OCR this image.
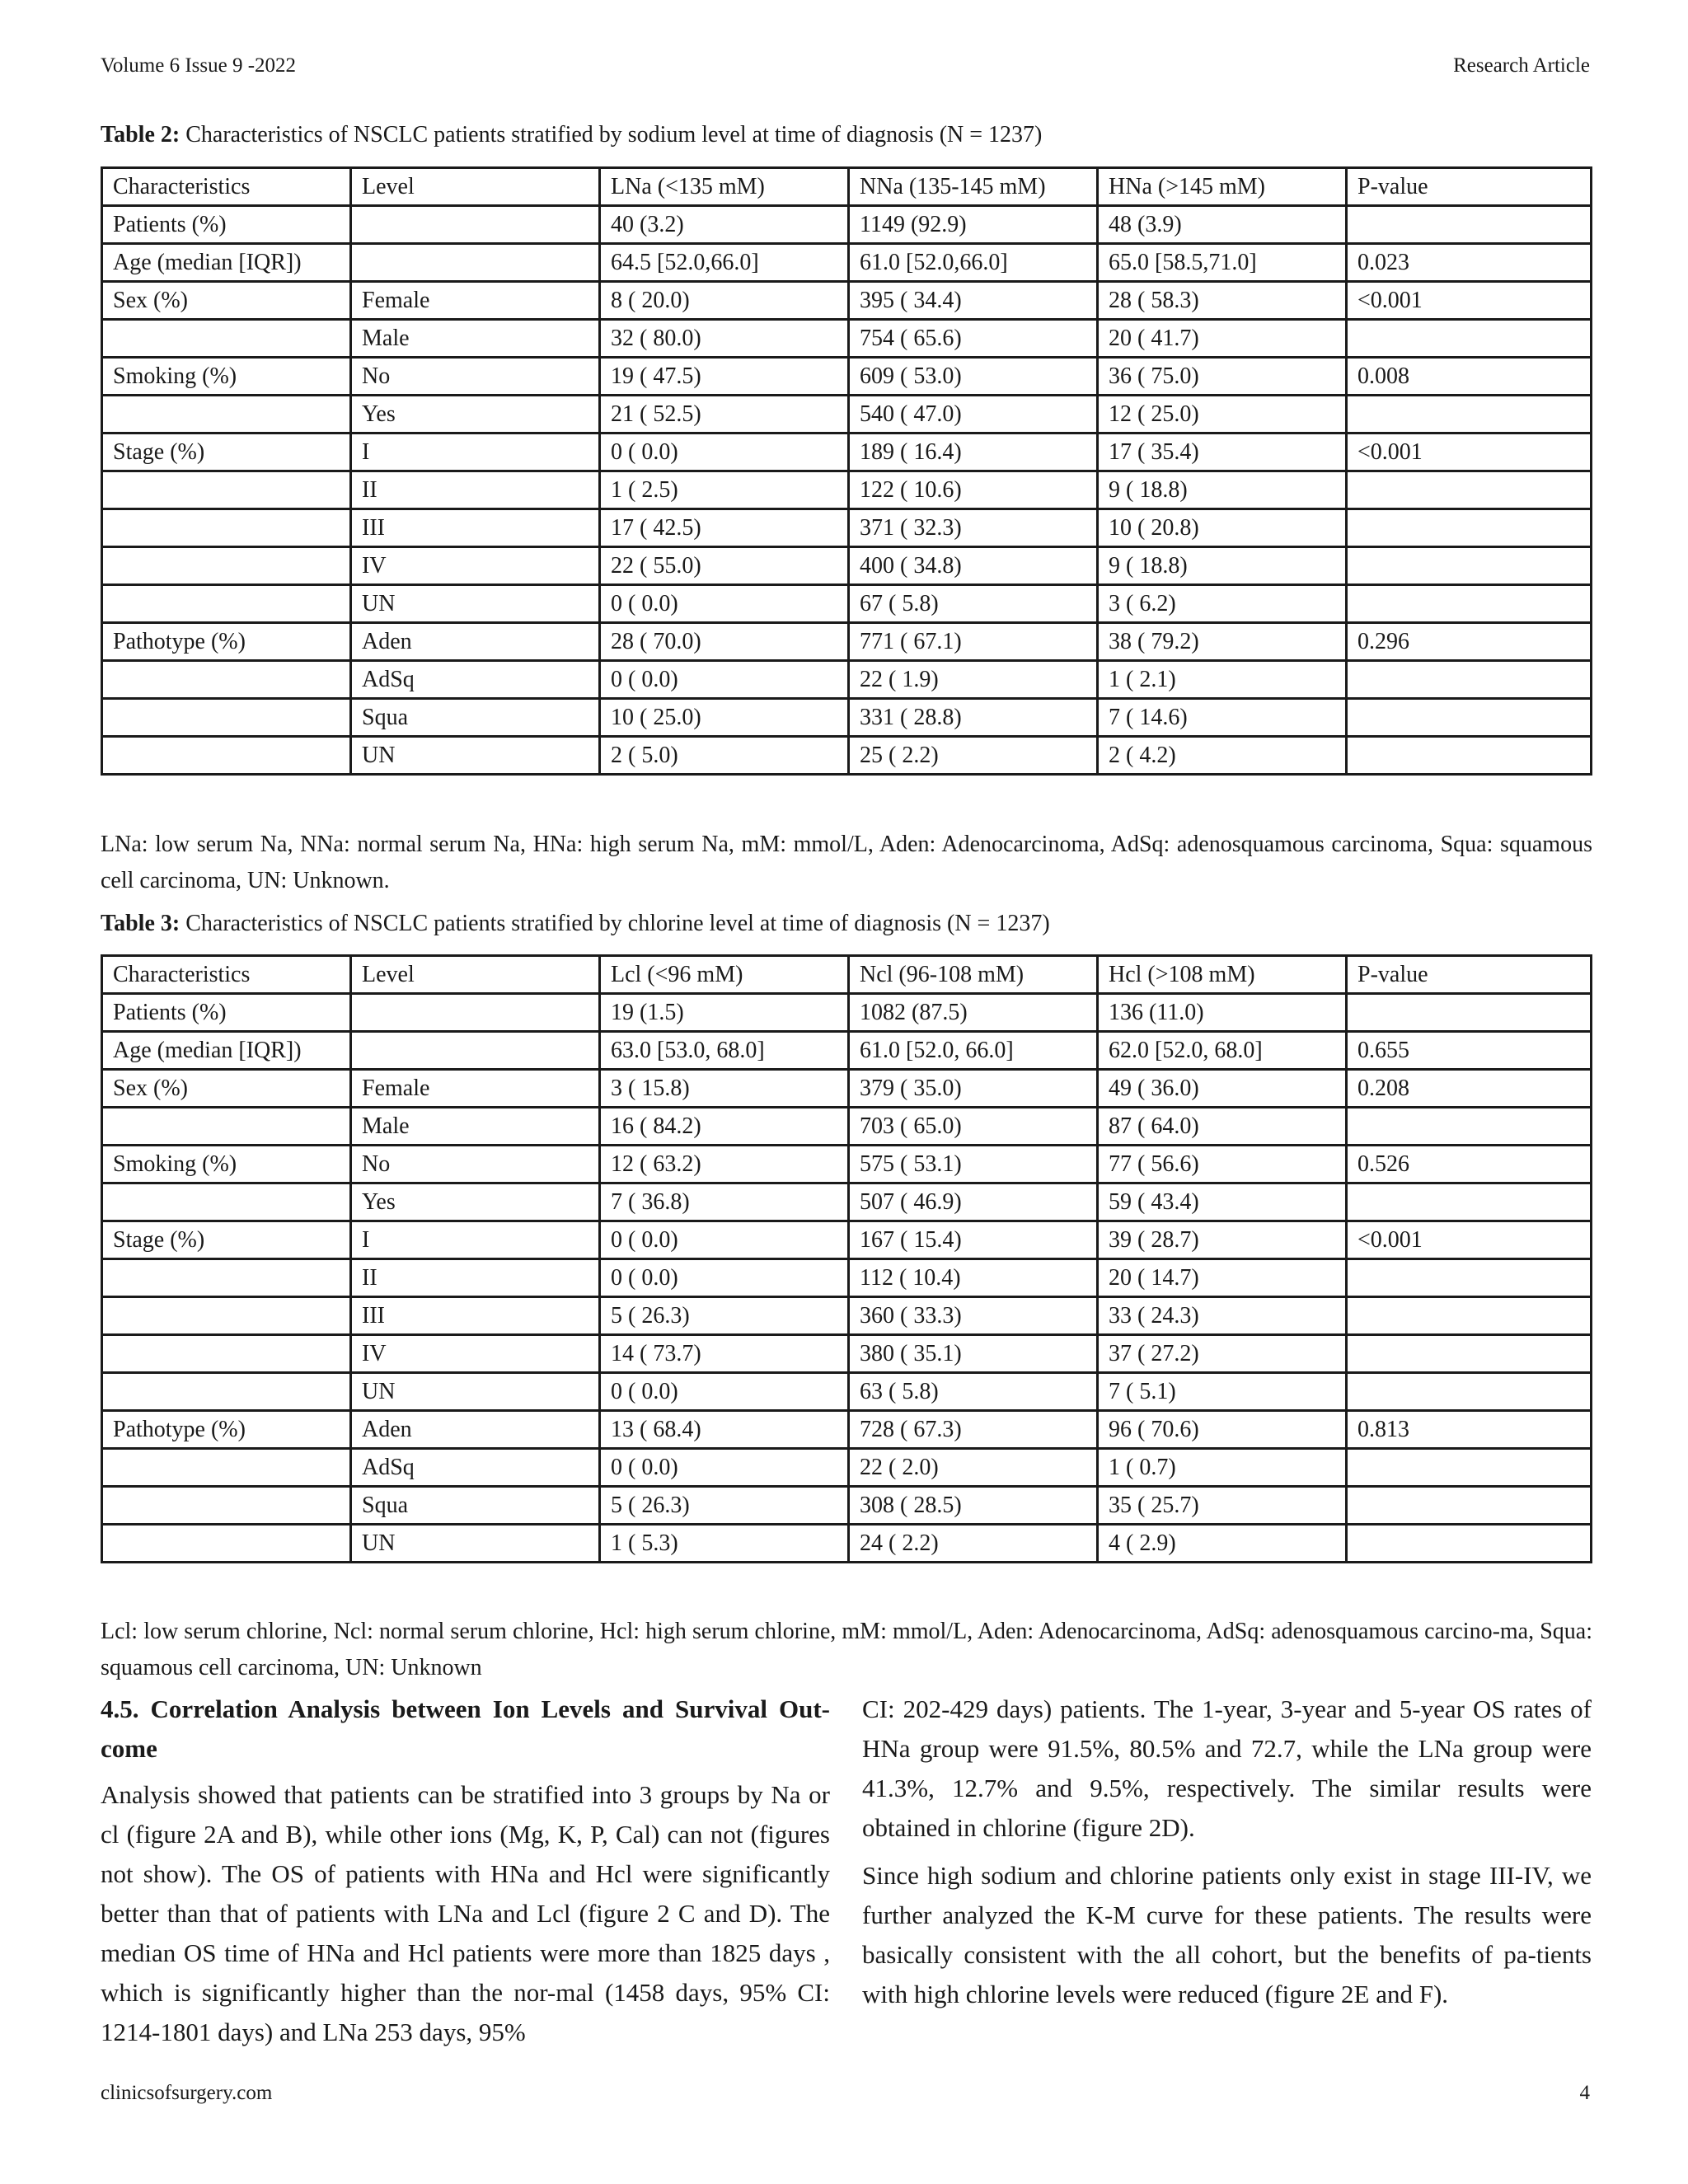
Volume 6 Issue 9 -2022	Research Article
Table 2: Characteristics of NSCLC patients stratified by sodium level at time of diagnosis (N = 1237)
Characteristics	Level	LNa (<135 mM)	NNa (135-145 mM)	HNa (>145 mM)	P-value
Patients (%)		40 (3.2)	1149 (92.9)	48 (3.9)	
Age (median [IQR])		64.5 [52.0,66.0]	61.0 [52.0,66.0]	65.0 [58.5,71.0]	0.023
Sex (%)	Female	8 ( 20.0)	395 ( 34.4)	28 ( 58.3)	<0.001
	Male	32 ( 80.0)	754 ( 65.6)	20 ( 41.7)	
Smoking (%)	No	19 ( 47.5)	609 ( 53.0)	36 ( 75.0)	0.008
	Yes	21 ( 52.5)	540 ( 47.0)	12 ( 25.0)	
Stage (%)	I	0 ( 0.0)	189 ( 16.4)	17 ( 35.4)	<0.001
	II	1 ( 2.5)	122 ( 10.6)	9 ( 18.8)	
	III	17 ( 42.5)	371 ( 32.3)	10 ( 20.8)	
	IV	22 ( 55.0)	400 ( 34.8)	9 ( 18.8)	
	UN	0 ( 0.0)	67 ( 5.8)	3 ( 6.2)	
Pathotype (%)	Aden	28 ( 70.0)	771 ( 67.1)	38 ( 79.2)	0.296
	AdSq	0 ( 0.0)	22 ( 1.9)	1 ( 2.1)	
	Squa	10 ( 25.0)	331 ( 28.8)	7 ( 14.6)	
	UN	2 ( 5.0)	25 ( 2.2)	2 ( 4.2)	
LNa: low serum Na, NNa: normal serum Na, HNa: high serum Na, mM: mmol/L, Aden: Adenocarcinoma, AdSq: adenosquamous carcinoma, Squa: squamous cell carcinoma, UN: Unknown.
Table 3: Characteristics of NSCLC patients stratified by chlorine level at time of diagnosis (N = 1237)
Characteristics	Level	Lcl (<96 mM)	Ncl (96-108 mM)	Hcl (>108 mM)	P-value
Patients (%)		19 (1.5)	1082 (87.5)	136 (11.0)	
Age (median [IQR])		63.0 [53.0, 68.0]	61.0 [52.0, 66.0]	62.0 [52.0, 68.0]	0.655
Sex (%)	Female	3 ( 15.8)	379 ( 35.0)	49 ( 36.0)	0.208
	Male	16 ( 84.2)	703 ( 65.0)	87 ( 64.0)	
Smoking (%)	No	12 ( 63.2)	575 ( 53.1)	77 ( 56.6)	0.526
	Yes	7 ( 36.8)	507 ( 46.9)	59 ( 43.4)	
Stage (%)	I	0 ( 0.0)	167 ( 15.4)	39 ( 28.7)	<0.001
	II	0 ( 0.0)	112 ( 10.4)	20 ( 14.7)	
	III	5 ( 26.3)	360 ( 33.3)	33 ( 24.3)	
	IV	14 ( 73.7)	380 ( 35.1)	37 ( 27.2)	
	UN	0 ( 0.0)	63 ( 5.8)	7 ( 5.1)	
Pathotype (%)	Aden	13 ( 68.4)	728 ( 67.3)	96 ( 70.6)	0.813
	AdSq	0 ( 0.0)	22 ( 2.0)	1 ( 0.7)	
	Squa	5 ( 26.3)	308 ( 28.5)	35 ( 25.7)	
	UN	1 ( 5.3)	24 ( 2.2)	4 ( 2.9)	
Lcl: low serum chlorine, Ncl: normal serum chlorine, Hcl: high serum chlorine, mM: mmol/L, Aden: Adenocarcinoma, AdSq: adenosquamous carcino-ma, Squa: squamous cell carcinoma, UN: Unknown
4.5. Correlation Analysis between Ion Levels and Survival Out-come

Analysis showed that patients can be stratified into 3 groups by Na or cl (figure 2A and B), while other ions (Mg, K, P, Cal) can not (figures not show). The OS of patients with HNa and Hcl were significantly better than that of patients with LNa and Lcl (figure 2 C and D). The median OS time of HNa and Hcl patients were more than 1825 days , which is significantly higher than the nor-mal (1458 days, 95% CI: 1214-1801 days) and LNa 253 days, 95%

CI: 202-429 days) patients. The 1-year, 3-year and 5-year OS rates of HNa group were 91.5%, 80.5% and 72.7, while the LNa group were 41.3%, 12.7% and 9.5%, respectively. The similar results were obtained in chlorine (figure 2D).

Since high sodium and chlorine patients only exist in stage III-IV, we further analyzed the K-M curve for these patients. The results were basically consistent with the all cohort, but the benefits of pa-tients with high chlorine levels were reduced (figure 2E and F).

clinicsofsurgery.com	4
